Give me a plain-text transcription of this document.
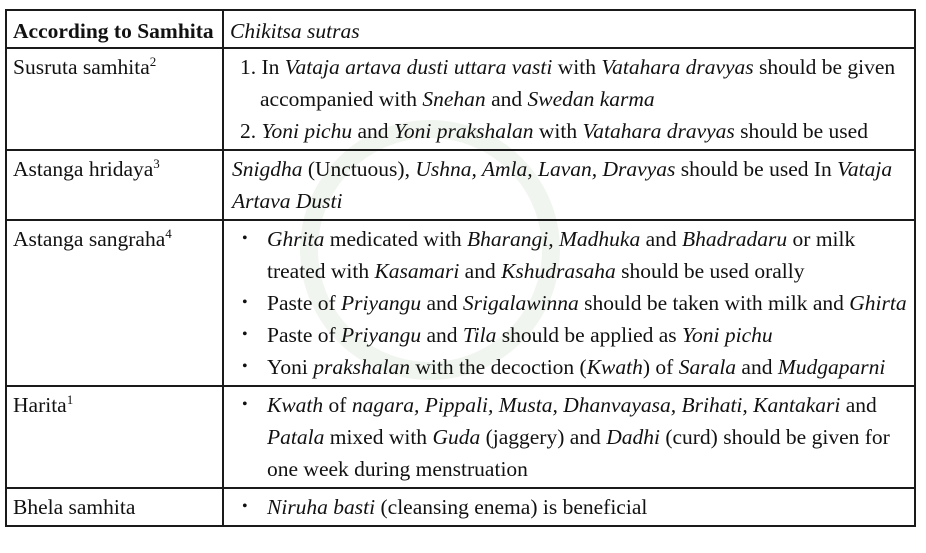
According to Samhita	Chikitsa sutras
Susruta samhita$^2$	1. In Vataja artava dusti uttara vasti with Vatahara dravyas should be given accompanied with Snehan and Swedan karma
2. Yoni pichu and Yoni prakshalan with Vatahara dravyas should be used

Astanga hridaya$^3$	Snigdha (Unctuous), Ushna, Amla, Lavan, Dravyas should be used In Vataja Artava Dusti

Astanga sangraha$^4$	• Ghrita medicated with Bharangi, Madhuka and Bhadradaru or milk treated with Kasamari and Kshudrasaha should be used orally
• Paste of Priyangu and Srigalawinna should be taken with milk and Ghirta
• Paste of Priyangu and Tila should be applied as Yoni pichu
• Yoni prakshalan with the decoction (Kwath) of Sarala and Mudgaparni

Harita$^1$	• Kwath of nagara, Pippali, Musta, Dhanvayasa, Brihati, Kantakari and Patala mixed with Guda (jaggery) and Dadhi (curd) should be given for one week during menstruation

Bhela samhita	• Niruha basti (cleansing enema) is beneficial
